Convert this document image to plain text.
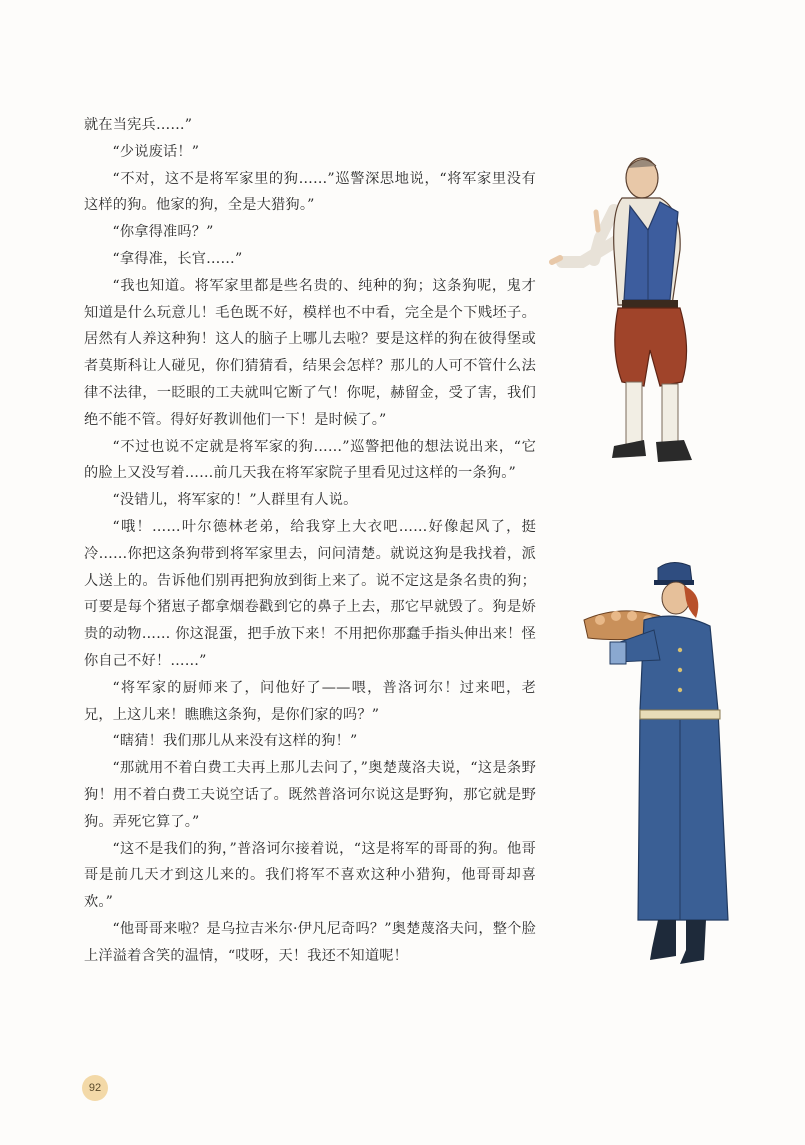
就在当宪兵……”

“少说废话！”

“不对，这不是将军家里的狗……”巡警深思地说，“将军家里没有这样的狗。他家的狗，全是大猎狗。”

“你拿得准吗？”

“拿得准，长官……”

“我也知道。将军家里都是些名贵的、纯种的狗；这条狗呢，鬼才知道是什么玩意儿！毛色既不好，模样也不中看，完全是个下贱坯子。居然有人养这种狗！这人的脑子上哪儿去啦？要是这样的狗在彼得堡或者莫斯科让人碰见，你们猜猜看，结果会怎样？那儿的人可不管什么法律不法律，一眨眼的工夫就叫它断了气！你呢，赫留金，受了害，我们绝不能不管。得好好教训他们一下！是时候了。”

“不过也说不定就是将军家的狗……”巡警把他的想法说出来，“它的脸上又没写着……前几天我在将军家院子里看见过这样的一条狗。”

“没错儿，将军家的！”人群里有人说。

“哦！……叶尔德林老弟，给我穿上大衣吧……好像起风了，挺冷……你把这条狗带到将军家里去，问问清楚。就说这狗是我找着，派人送上的。告诉他们别再把狗放到街上来了。说不定这是条名贵的狗；可要是每个猪崽子都拿烟卷戳到它的鼻子上去，那它早就毁了。狗是娇贵的动物…… 你这混蛋，把手放下来！不用把你那蠢手指头伸出来！怪你自己不好！……”

“将军家的厨师来了，问他好了——喂，普洛诃尔！过来吧，老兄，上这儿来！瞧瞧这条狗，是你们家的吗？”

“瞎猜！我们那儿从来没有这样的狗！”

“那就用不着白费工夫再上那儿去问了，”奥楚蔑洛夫说，“这是条野狗！用不着白费工夫说空话了。既然普洛诃尔说这是野狗，那它就是野狗。弄死它算了。”

“这不是我们的狗，”普洛诃尔接着说，“这是将军的哥哥的狗。他哥哥是前几天才到这儿来的。我们将军不喜欢这种小猎狗，他哥哥却喜欢。”

“他哥哥来啦？是乌拉吉米尔·伊凡尼奇吗？”奥楚蔑洛夫问，整个脸上洋溢着含笑的温情，“哎呀，天！我还不知道呢！

92
